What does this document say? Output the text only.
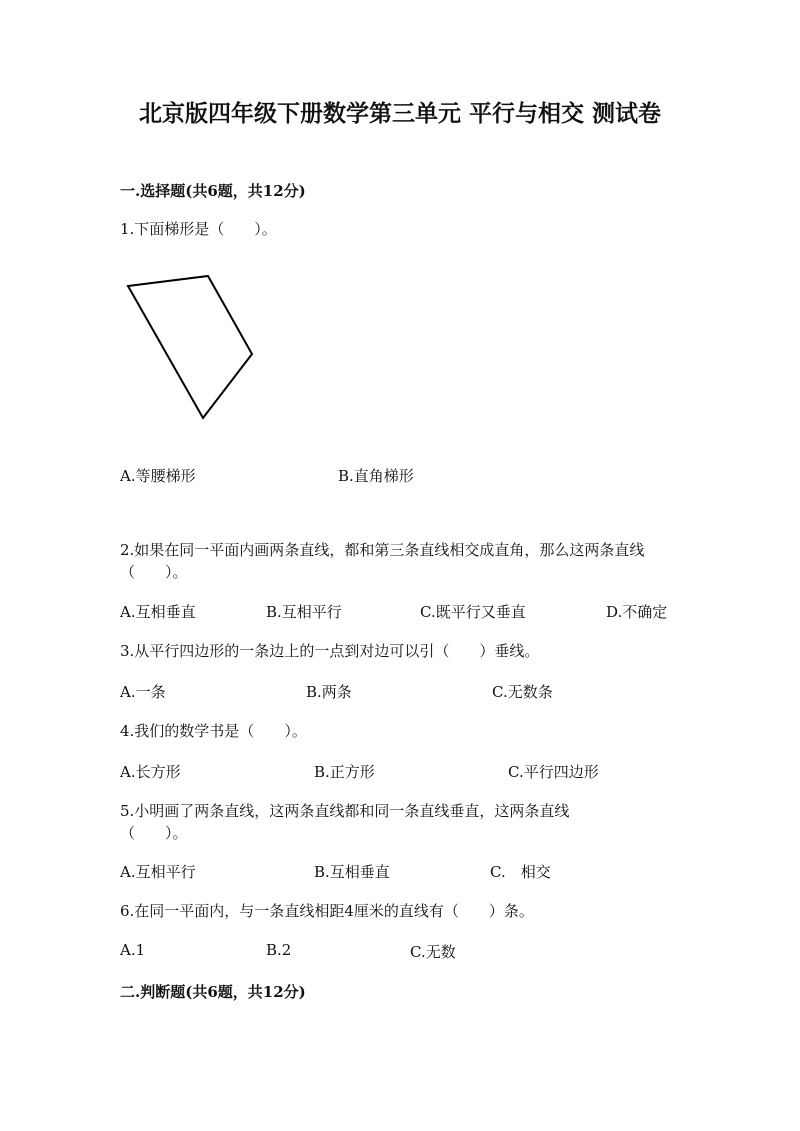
北京版四年级下册数学第三单元 平行与相交 测试卷
一.选择题(共6题，共12分)
1.下面梯形是（　　）。
A.等腰梯形	B.直角梯形
2.如果在同一平面内画两条直线，都和第三条直线相交成直角，那么这两条直线（　　）。
A.互相垂直	B.互相平行	C.既平行又垂直	D.不确定
3.从平行四边形的一条边上的一点到对边可以引（　　）垂线。
A.一条	B.两条	C.无数条
4.我们的数学书是（　　）。
A.长方形	B.正方形	C.平行四边形
5.小明画了两条直线，这两条直线都和同一条直线垂直，这两条直线（　　）。
A.互相平行	B.互相垂直	C.　相交
6.在同一平面内，与一条直线相距4厘米的直线有（　　）条。
A.1	B.2	C.无数
二.判断题(共6题，共12分)
